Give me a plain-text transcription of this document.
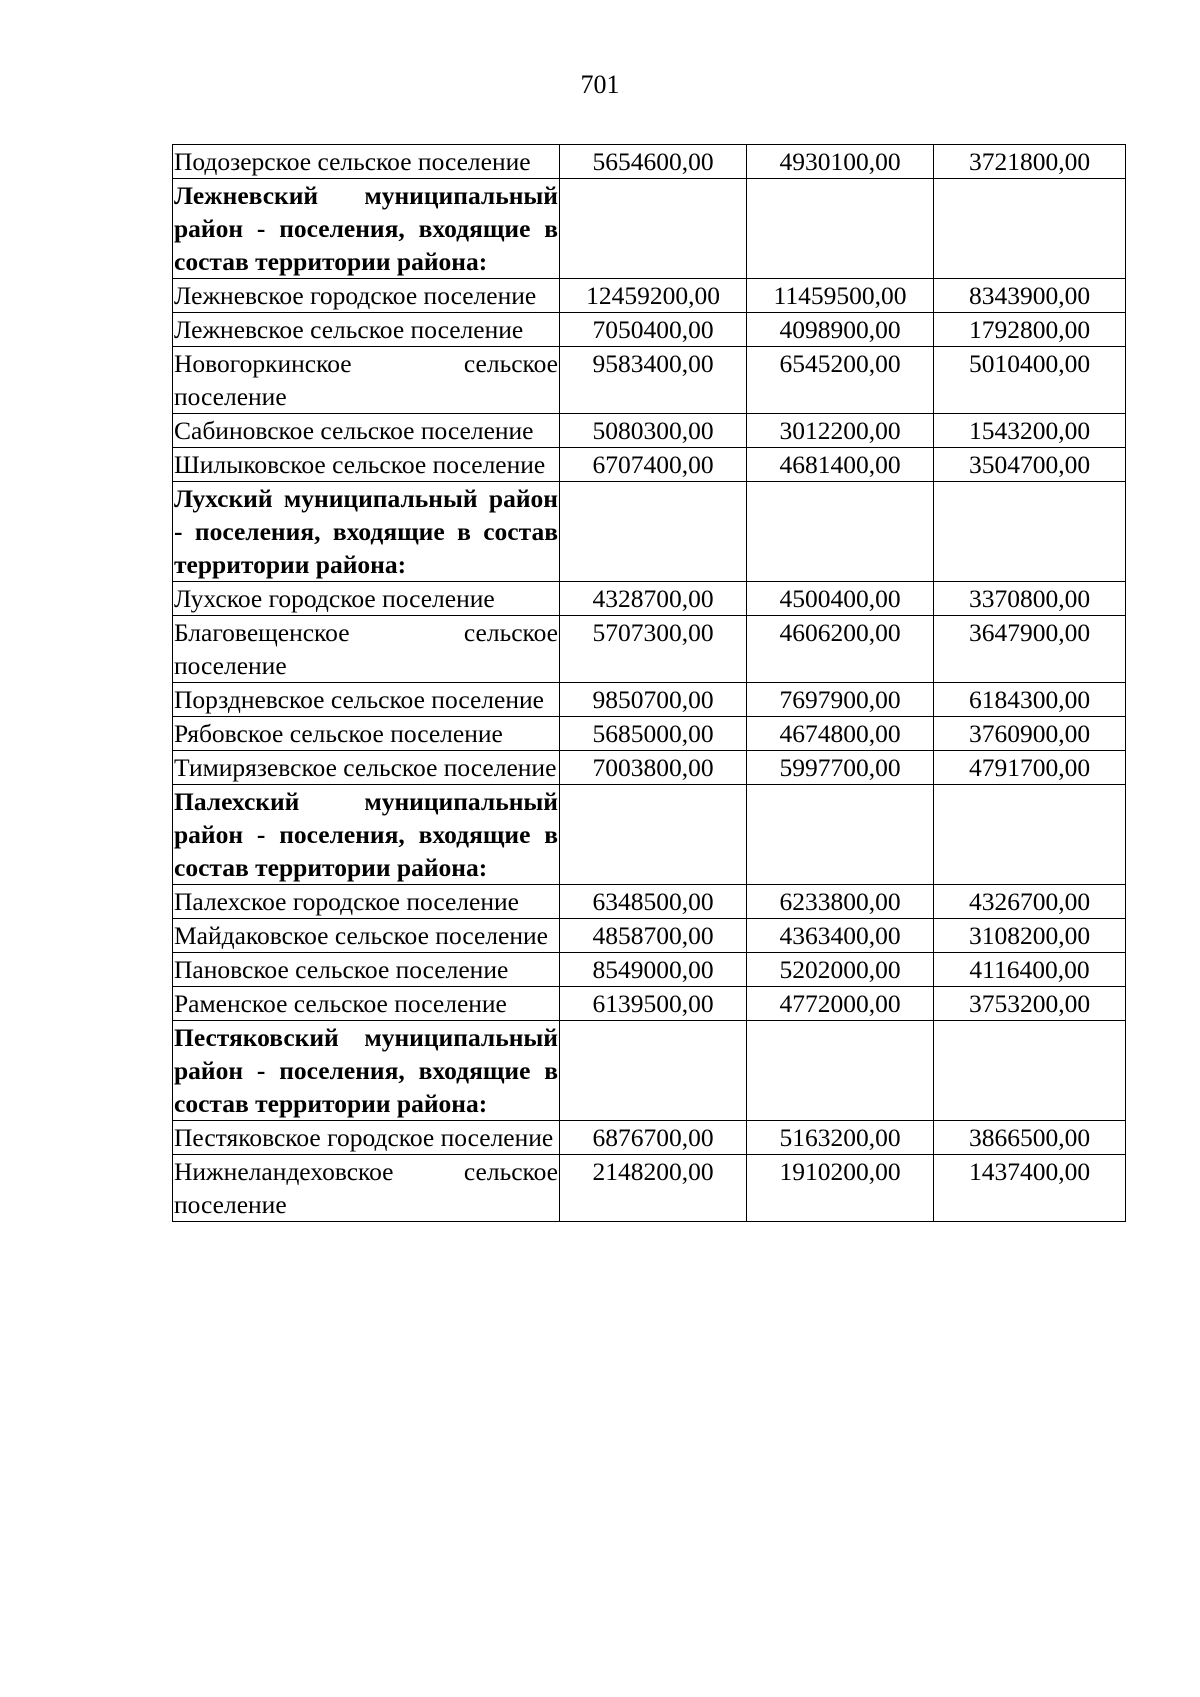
701
Подозерское сельское поселение	5654600,00	4930100,00	3721800,00
Лежневский муниципальный район - поселения, входящие в состав территории района:			
Лежневское городское поселение	12459200,00	11459500,00	8343900,00
Лежневское сельское поселение	7050400,00	4098900,00	1792800,00
Новогоркинское сельское поселение	9583400,00	6545200,00	5010400,00
Сабиновское сельское поселение	5080300,00	3012200,00	1543200,00
Шилыковское сельское поселение	6707400,00	4681400,00	3504700,00
Лухский муниципальный район - поселения, входящие в состав территории района:			
Лухское городское поселение	4328700,00	4500400,00	3370800,00
Благовещенское сельское поселение	5707300,00	4606200,00	3647900,00
Порздневское сельское поселение	9850700,00	7697900,00	6184300,00
Рябовское сельское поселение	5685000,00	4674800,00	3760900,00
Тимирязевское сельское поселение	7003800,00	5997700,00	4791700,00
Палехский муниципальный район - поселения, входящие в состав территории района:			
Палехское городское поселение	6348500,00	6233800,00	4326700,00
Майдаковское сельское поселение	4858700,00	4363400,00	3108200,00
Пановское сельское поселение	8549000,00	5202000,00	4116400,00
Раменское сельское поселение	6139500,00	4772000,00	3753200,00
Пестяковский муниципальный район - поселения, входящие в состав территории района:			
Пестяковское городское поселение	6876700,00	5163200,00	3866500,00
Нижнеландеховское сельское поселение	2148200,00	1910200,00	1437400,00
